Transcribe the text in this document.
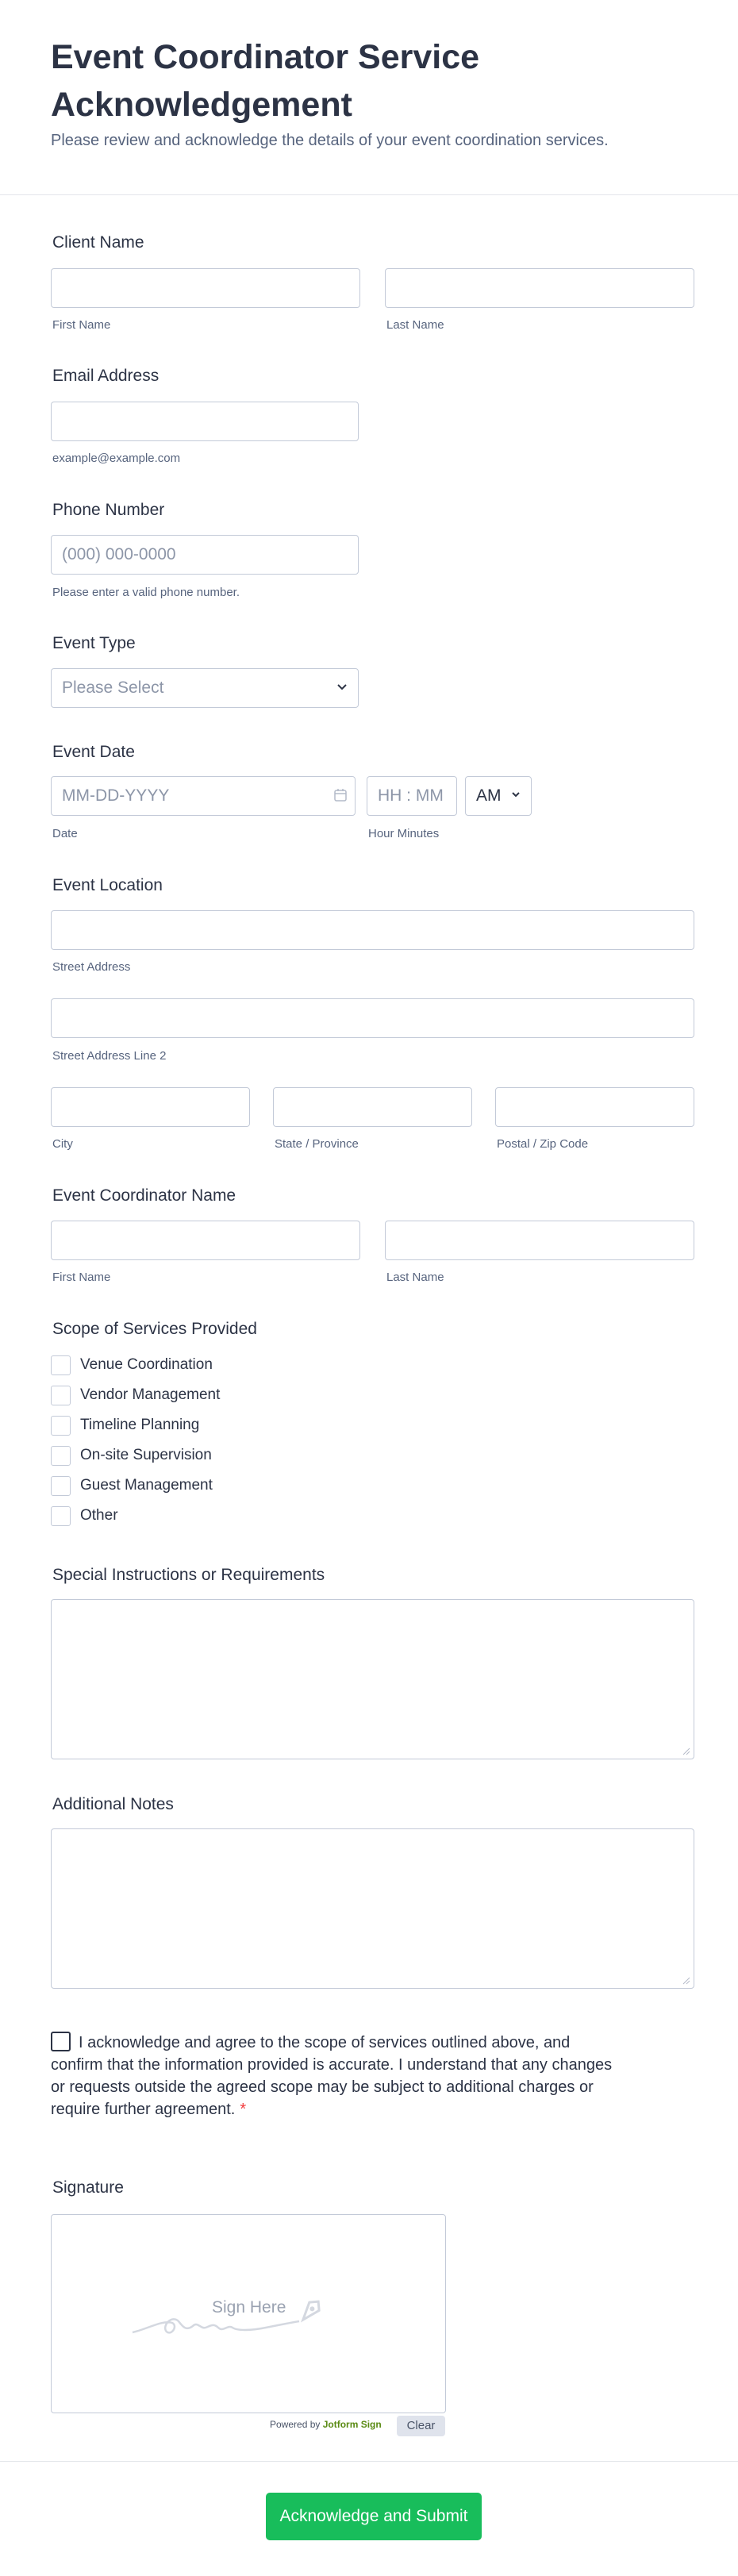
Event Coordinator Service Acknowledgement
Please review and acknowledge the details of your event coordination services.
Client Name
First Name	Last Name
Email Address
example@example.com
Phone Number
(000) 000-0000
Please enter a valid phone number.
Event Type
Please Select
Event Date
MM-DD-YYYY	HH : MM	AM
Date	Hour Minutes
Event Location
Street Address
Street Address Line 2
City	State / Province	Postal / Zip Code
Event Coordinator Name
First Name	Last Name
Scope of Services Provided
Venue Coordination
Vendor Management
Timeline Planning
On-site Supervision
Guest Management
Other
Special Instructions or Requirements
Additional Notes
I acknowledge and agree to the scope of services outlined above, and confirm that the information provided is accurate. I understand that any changes or requests outside the agreed scope may be subject to additional charges or require further agreement. *
Signature
Sign Here
Powered by Jotform Sign	Clear
Acknowledge and Submit
